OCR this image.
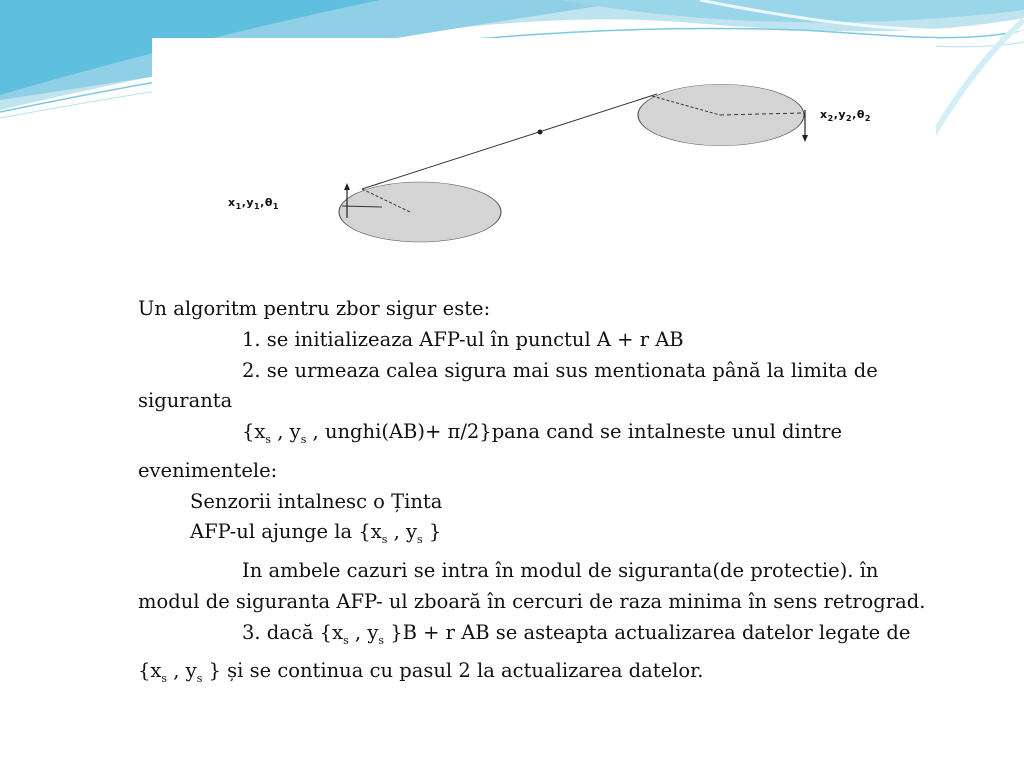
$x_1,y_1,\theta_1$
$x_2,y_2,\theta_2$

Un algoritm pentru zbor sigur este:

1. se initializeaza AFP-ul în punctul A + r AB

2. se urmeaza calea sigura mai sus mentionata până la limita de siguranta

{$x_s$ , $y_s$ , unghi(AB)+ π/2}pana cand se intalneste unul dintre evenimentele:

Senzorii intalnesc o Ținta

AFP-ul ajunge la {$x_s$ , $y_s$ }

In ambele cazuri se intra în modul de siguranta(de protectie). în modul de siguranta AFP- ul zboară în cercuri de raza minima în sens retrograd.

3. dacă {$x_s$ , $y_s$ }B + r AB se asteapta actualizarea datelor legate de {$x_s$ , $y_s$ } și se continua cu pasul 2 la actualizarea datelor.
